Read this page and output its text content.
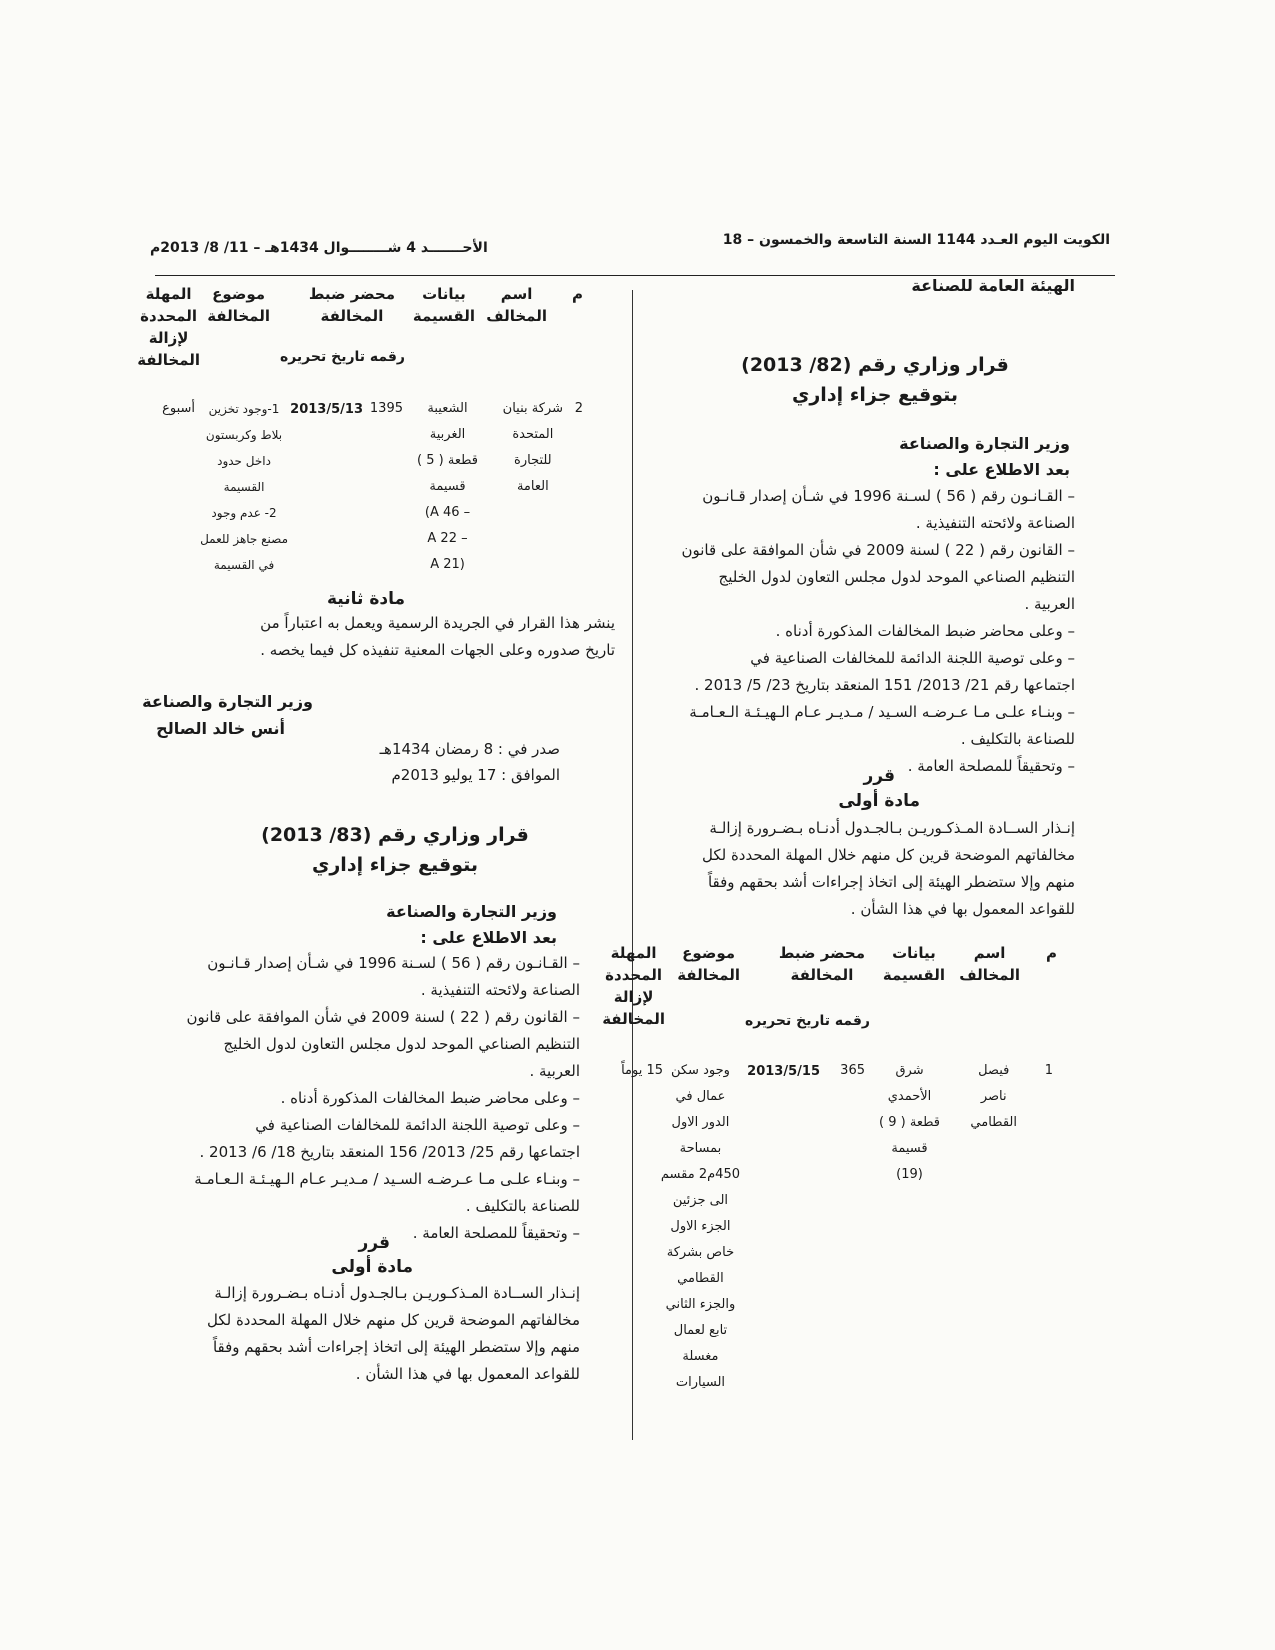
الكويت اليوم العـدد 1144 السنة التاسعة والخمسون – 18
الأحـــــــد 4 شــــــــوال 1434هـ – 11/ 8/ 2013م
الهيئة العامة للصناعة
قرار وزاري رقم (82/ 2013)
بتوقيع جزاء إداري
وزير التجارة والصناعة
بعد الاطلاع على :
– القـانـون رقم ( 56 ) لسـنة 1996 في شـأن إصدار قـانـون
الصناعة ولائحته التنفيذية .
– القانون رقم ( 22 ) لسنة 2009 في شأن الموافقة على قانون
التنظيم الصناعي الموحد لدول مجلس التعاون لدول الخليج
العربية .
– وعلى محاضر ضبط المخالفات المذكورة أدناه .
– وعلى توصية اللجنة الدائمة للمخالفات الصناعية في
اجتماعها رقم 21/ 2013/ 151 المنعقد بتاريخ 23/ 5/ 2013 .
– وبنـاء علـى مـا عـرضـه السـيد / مـديـر عـام الـهيـئـة الـعـامـة
للصناعة بالتكليف .
– وتحقيقاً للمصلحة العامة .
قرر
مادة أولى
إنـذار الســادة المـذكـوريـن بـالجـدول أدنـاه بـضـرورة إزالـة
مخالفاتهم الموضحة قرين كل منهم خلال المهلة المحددة لكل
منهم وإلا ستضطر الهيئة إلى اتخاذ إجراءات أشد بحقهم وفقاً
للقواعد المعمول بها في هذا الشأن .
م
اسم
المخالف
بيانات
القسيمة
محضر ضبط
المخالفة
رقمه تاريخ تحريره
موضوع
المخالفة
المهلة
المحددة
لإزالة
المخالفة
1
فيصل
ناصر
القطامي
شرق
الأحمدي
قطعة ( 9 )
قسيمة
(19)
365
2013/5/15
وجود سكن
عمال في
الدور الاول
بمساحة
450م2 مقسم
الى جزئين
الجزء الاول
خاص بشركة
القطامي
والجزء الثاني
تابع لعمال
مغسلة
السيارات
15 يوماً
م
اسم
المخالف
بيانات
القسيمة
محضر ضبط
المخالفة
رقمه تاريخ تحريره
موضوع
المخالفة
المهلة
المحددة
لإزالة
المخالفة
2
شركة بنيان
المتحدة
للتجارة
العامة
الشعيبة
الغربية
قطعة ( 5 )
قسيمة
– A 46)
– A 22
(A 21
1395
2013/5/13
1-وجود تخزين
بلاط وكربستون
داخل حدود
القسيمة
2- عدم وجود
مصنع جاهز للعمل
في القسيمة
أسبوع
مادة ثانية
ينشر هذا القرار في الجريدة الرسمية ويعمل به اعتباراً من
تاريخ صدوره وعلى الجهات المعنية تنفيذه كل فيما يخصه .
وزير التجارة والصناعة
أنس خالد الصالح
صدر في : 8 رمضان 1434هـ
الموافق : 17 يوليو 2013م
قرار وزاري رقم (83/ 2013)
بتوقيع جزاء إداري
وزير التجارة والصناعة
بعد الاطلاع على :
– القـانـون رقم ( 56 ) لسـنة 1996 في شـأن إصدار قـانـون
الصناعة ولائحته التنفيذية .
– القانون رقم ( 22 ) لسنة 2009 في شأن الموافقة على قانون
التنظيم الصناعي الموحد لدول مجلس التعاون لدول الخليج
العربية .
– وعلى محاضر ضبط المخالفات المذكورة أدناه .
– وعلى توصية اللجنة الدائمة للمخالفات الصناعية في
اجتماعها رقم 25/ 2013/ 156 المنعقد بتاريخ 18/ 6/ 2013 .
– وبنـاء علـى مـا عـرضـه السـيد / مـديـر عـام الـهيـئـة الـعـامـة
للصناعة بالتكليف .
– وتحقيقاً للمصلحة العامة .
قرر
مادة أولى
إنـذار الســادة المـذكـوريـن بـالجـدول أدنـاه بـضـرورة إزالـة
مخالفاتهم الموضحة قرين كل منهم خلال المهلة المحددة لكل
منهم وإلا ستضطر الهيئة إلى اتخاذ إجراءات أشد بحقهم وفقاً
للقواعد المعمول بها في هذا الشأن .
